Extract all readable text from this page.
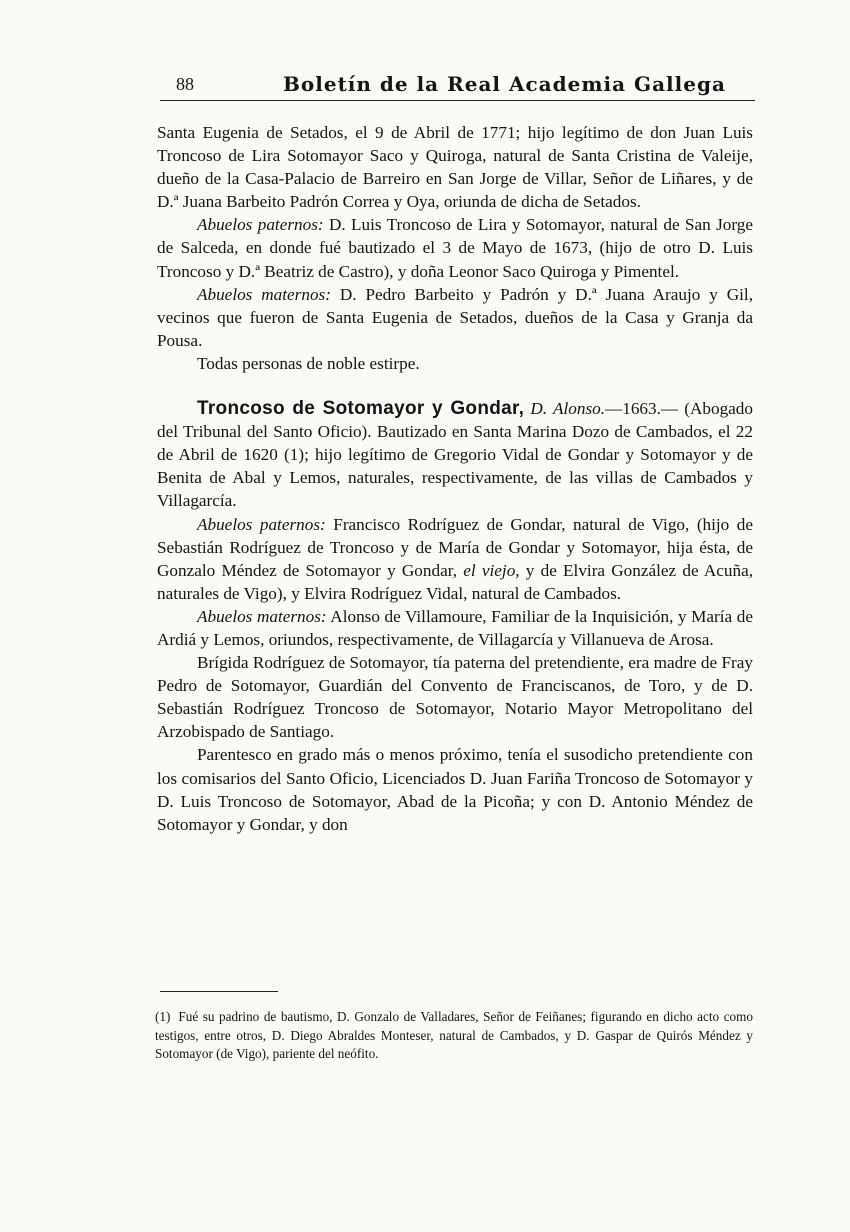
88	Boletín de la Real Academia Gallega

Santa Eugenia de Setados, el 9 de Abril de 1771; hijo legítimo de don Juan Luis Troncoso de Lira Sotomayor Saco y Quiroga, natural de Santa Cristina de Valeije, dueño de la Casa-Palacio de Barreiro en San Jorge de Villar, Señor de Liñares, y de D.ª Juana Barbeito Padrón Correa y Oya, oriunda de dicha de Setados.

Abuelos paternos: D. Luis Troncoso de Lira y Sotomayor, natural de San Jorge de Salceda, en donde fué bautizado el 3 de Mayo de 1673, (hijo de otro D. Luis Troncoso y D.ª Beatriz de Castro), y doña Leonor Saco Quiroga y Pimentel.

Abuelos maternos: D. Pedro Barbeito y Padrón y D.ª Juana Araujo y Gil, vecinos que fueron de Santa Eugenia de Setados, dueños de la Casa y Granja da Pousa.

Todas personas de noble estirpe.

Troncoso de Sotomayor y Gondar, D. Alonso.—1663.— (Abogado del Tribunal del Santo Oficio). Bautizado en Santa Marina Dozo de Cambados, el 22 de Abril de 1620 (1); hijo legítimo de Gregorio Vidal de Gondar y Sotomayor y de Benita de Abal y Lemos, naturales, respectivamente, de las villas de Cambados y Villagarcía.

Abuelos paternos: Francisco Rodríguez de Gondar, natural de Vigo, (hijo de Sebastián Rodríguez de Troncoso y de María de Gondar y Sotomayor, hija ésta, de Gonzalo Méndez de Sotomayor y Gondar, el viejo, y de Elvira González de Acuña, naturales de Vigo), y Elvira Rodríguez Vidal, natural de Cambados.

Abuelos maternos: Alonso de Villamoure, Familiar de la Inquisición, y María de Ardiá y Lemos, oriundos, respectivamente, de Villagarcía y Villanueva de Arosa.

Brígida Rodríguez de Sotomayor, tía paterna del pretendiente, era madre de Fray Pedro de Sotomayor, Guardián del Convento de Franciscanos, de Toro, y de D. Sebastián Rodríguez Troncoso de Sotomayor, Notario Mayor Metropolitano del Arzobispado de Santiago.

Parentesco en grado más o menos próximo, tenía el susodicho pretendiente con los comisarios del Santo Oficio, Licenciados D. Juan Fariña Troncoso de Sotomayor y D. Luis Troncoso de Sotomayor, Abad de la Picoña; y con D. Antonio Méndez de Sotomayor y Gondar, y don

(1) Fué su padrino de bautismo, D. Gonzalo de Valladares, Señor de Feiñanes; figurando en dicho acto como testigos, entre otros, D. Diego Abraldes Monteser, natural de Cambados, y D. Gaspar de Quirós Méndez y Sotomayor (de Vigo), pariente del neófito.
